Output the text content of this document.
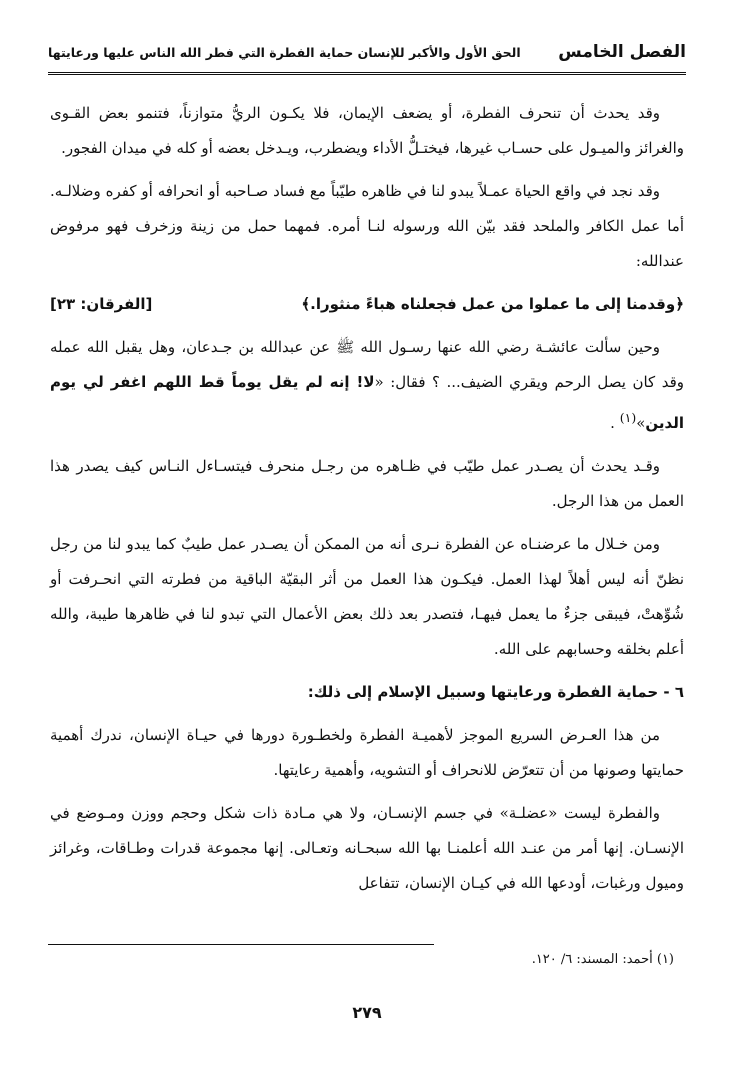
الفصل الخامس
الحق الأول والأكبر للإنسان حماية الفطرة التي فطر الله الناس عليها ورعايتها

وقد يحدث أن تنحرف الفطرة، أو يضعف الإيمان، فلا يكـون الريُّ متوازناً، فتنمو بعض القـوى والغرائز والميـول على حسـاب غيرها، فيختـلُّ الأداء ويضطرب، ويـدخل بعضه أو كله في ميدان الفجور.

وقد نجد في واقع الحياة عمـلاً يبدو لنا في ظاهره طيّباً مع فساد صـاحبه أو انحرافه أو كفره وضلالـه. أما عمل الكافر والملحد فقد بيّن الله ورسوله لنـا أمره. فمهما حمل من زينة وزخرف فهو مرفوض عندالله:

﴿وقدمنا إلى ما عملوا من عمل فجعلناه هباءً منثورا.﴾
[الفرقان: ٢٣]

وحين سألت عائشـة رضي الله عنها رسـول الله ﷺ عن عبدالله بن جـدعان، وهل يقبل الله عمله وقد كان يصل الرحم ويقري الضيف... ؟ فقال: «لا! إنه لم يقل يوماً قط اللهم اغفر لي يوم الدين»$^{(١)}$ .

وقـد يحدث أن يصـدر عمل طيّب في ظـاهره من رجـل منحرف فيتسـاءل النـاس كيف يصدر هذا العمل من هذا الرجل.

ومن خـلال ما عرضنـاه عن الفطرة نـرى أنه من الممكن أن يصـدر عمل طيبٌ كما يبدو لنا من رجل نظنّ أنه ليس أهلاً لهذا العمل. فيكـون هذا العمل من أثر البقيّة الباقية من فطرته التي انحـرفت أو شُوِّهتْ، فيبقى جزءٌ ما يعمل فيهـا، فتصدر بعد ذلك بعض الأعمال التي تبدو لنا في ظاهرها طيبة، والله أعلم بخلقه وحسابهم على الله.

٦ - حماية الفطرة ورعايتها وسبيل الإسلام إلى ذلك:

من هذا العـرض السريع الموجز لأهميـة الفطرة ولخطـورة دورها في حيـاة الإنسان، ندرك أهمية حمايتها وصونها من أن تتعرّض للانحراف أو التشويه، وأهمية رعايتها.

والفطرة ليست «عضلـة» في جسم الإنسـان، ولا هي مـادة ذات شكل وحجم ووزن ومـوضع في الإنسـان. إنها أمر من عنـد الله أعلمنـا بها الله سبحـانه وتعـالى. إنها مجموعة قدرات وطـاقات، وغرائز وميول ورغبات، أودعها الله في كيـان الإنسان، تتفاعل

(١) أحمد: المسند: ٦/ ١٢٠.
٢٧٩
